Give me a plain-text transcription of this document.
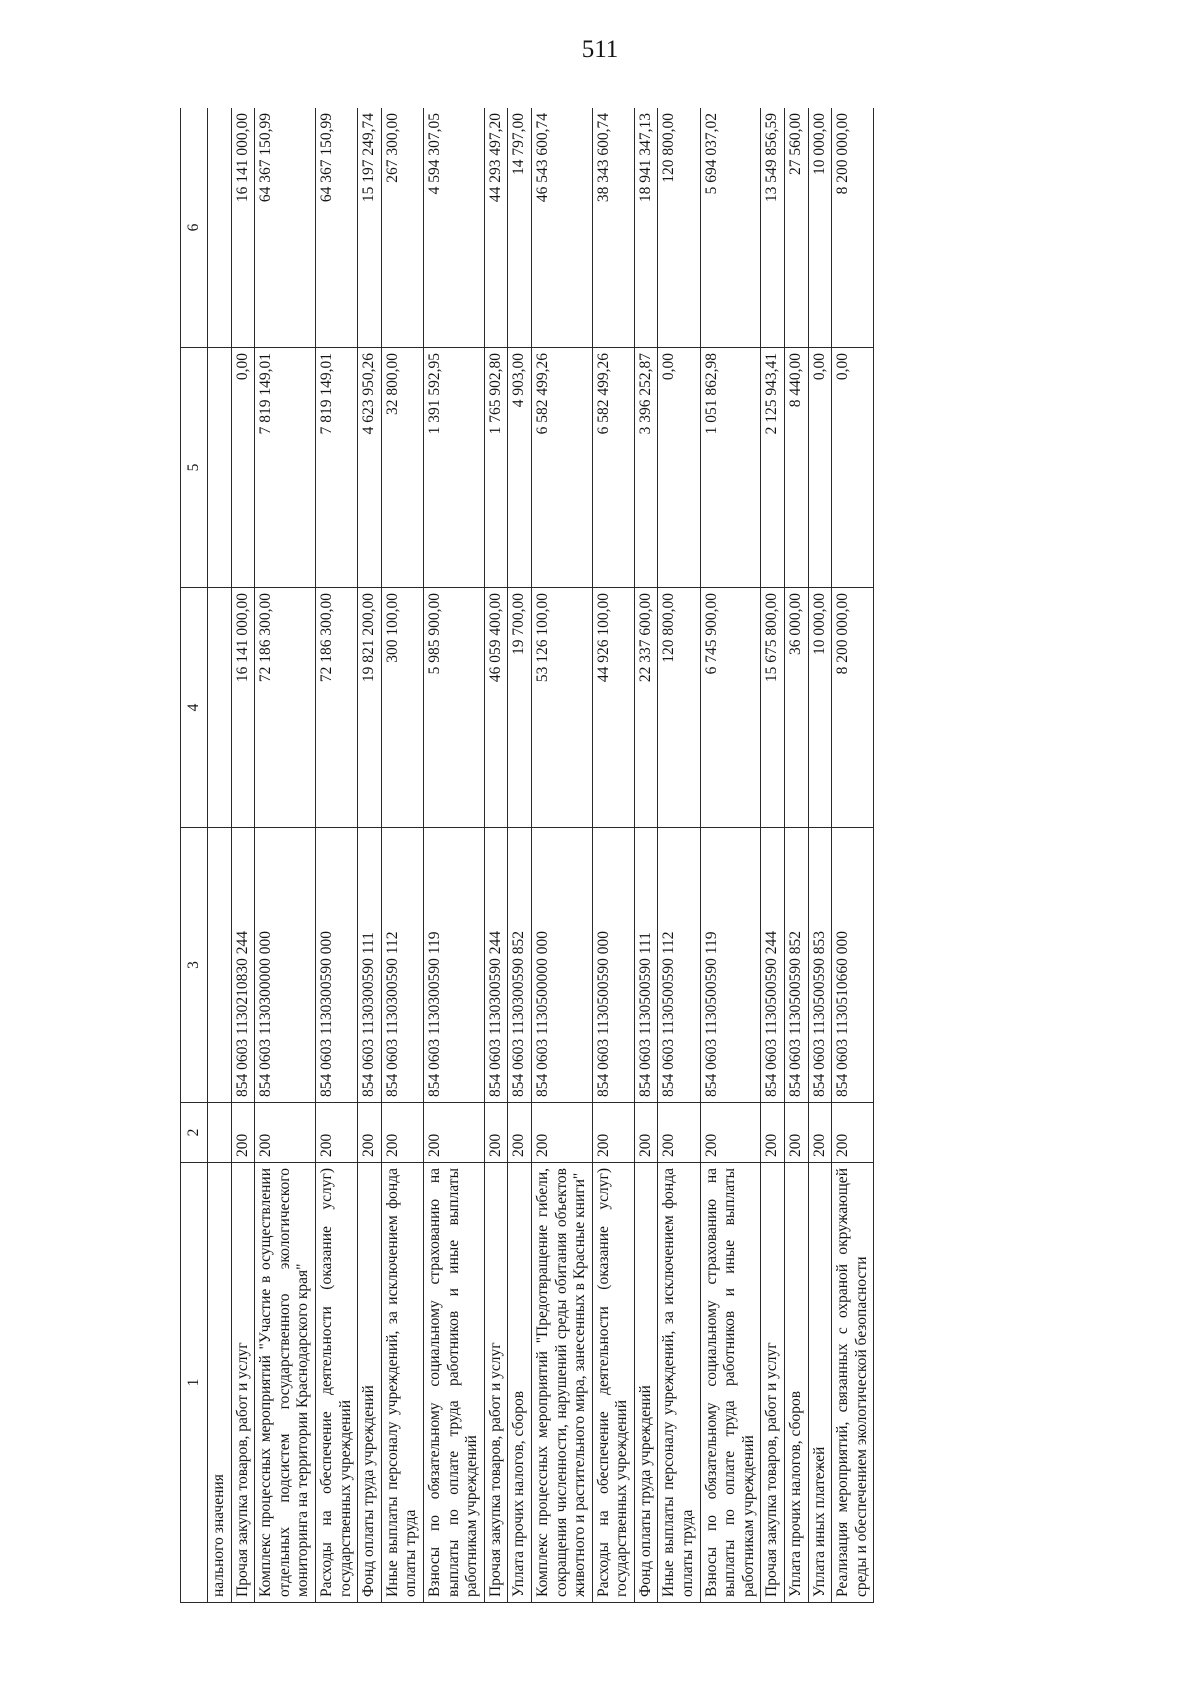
511
1	2	3	4	5	6
нального значения					
Прочая закупка товаров, работ и услуг	200	854 0603 1130210830 244	16 141 000,00	0,00	16 141 000,00
Комплекс процессных мероприятий "Участие в осуществлении отдельных подсистем государственного экологического мониторинга на территории Краснодарского края"	200	854 0603 1130300000 000	72 186 300,00	7 819 149,01	64 367 150,99
Расходы на обеспечение деятельности (оказание услуг) государственных учреждений	200	854 0603 1130300590 000	72 186 300,00	7 819 149,01	64 367 150,99
Фонд оплаты труда учреждений	200	854 0603 1130300590 111	19 821 200,00	4 623 950,26	15 197 249,74
Иные выплаты персоналу учреждений, за исключением фонда оплаты труда	200	854 0603 1130300590 112	300 100,00	32 800,00	267 300,00
Взносы по обязательному социальному страхованию на выплаты по оплате труда работников и иные выплаты работникам учреждений	200	854 0603 1130300590 119	5 985 900,00	1 391 592,95	4 594 307,05
Прочая закупка товаров, работ и услуг	200	854 0603 1130300590 244	46 059 400,00	1 765 902,80	44 293 497,20
Уплата прочих налогов, сборов	200	854 0603 1130300590 852	19 700,00	4 903,00	14 797,00
Комплекс процессных мероприятий "Предотвращение гибели, сокращения численности, нарушений среды обитания объектов животного и растительного мира, занесенных в Красные книги"	200	854 0603 1130500000 000	53 126 100,00	6 582 499,26	46 543 600,74
Расходы на обеспечение деятельности (оказание услуг) государственных учреждений	200	854 0603 1130500590 000	44 926 100,00	6 582 499,26	38 343 600,74
Фонд оплаты труда учреждений	200	854 0603 1130500590 111	22 337 600,00	3 396 252,87	18 941 347,13
Иные выплаты персоналу учреждений, за исключением фонда оплаты труда	200	854 0603 1130500590 112	120 800,00	0,00	120 800,00
Взносы по обязательному социальному страхованию на выплаты по оплате труда работников и иные выплаты работникам учреждений	200	854 0603 1130500590 119	6 745 900,00	1 051 862,98	5 694 037,02
Прочая закупка товаров, работ и услуг	200	854 0603 1130500590 244	15 675 800,00	2 125 943,41	13 549 856,59
Уплата прочих налогов, сборов	200	854 0603 1130500590 852	36 000,00	8 440,00	27 560,00
Уплата иных платежей	200	854 0603 1130500590 853	10 000,00	0,00	10 000,00
Реализация мероприятий, связанных с охраной окружающей среды и обеспечением экологической безопасности	200	854 0603 1130510660 000	8 200 000,00	0,00	8 200 000,00
